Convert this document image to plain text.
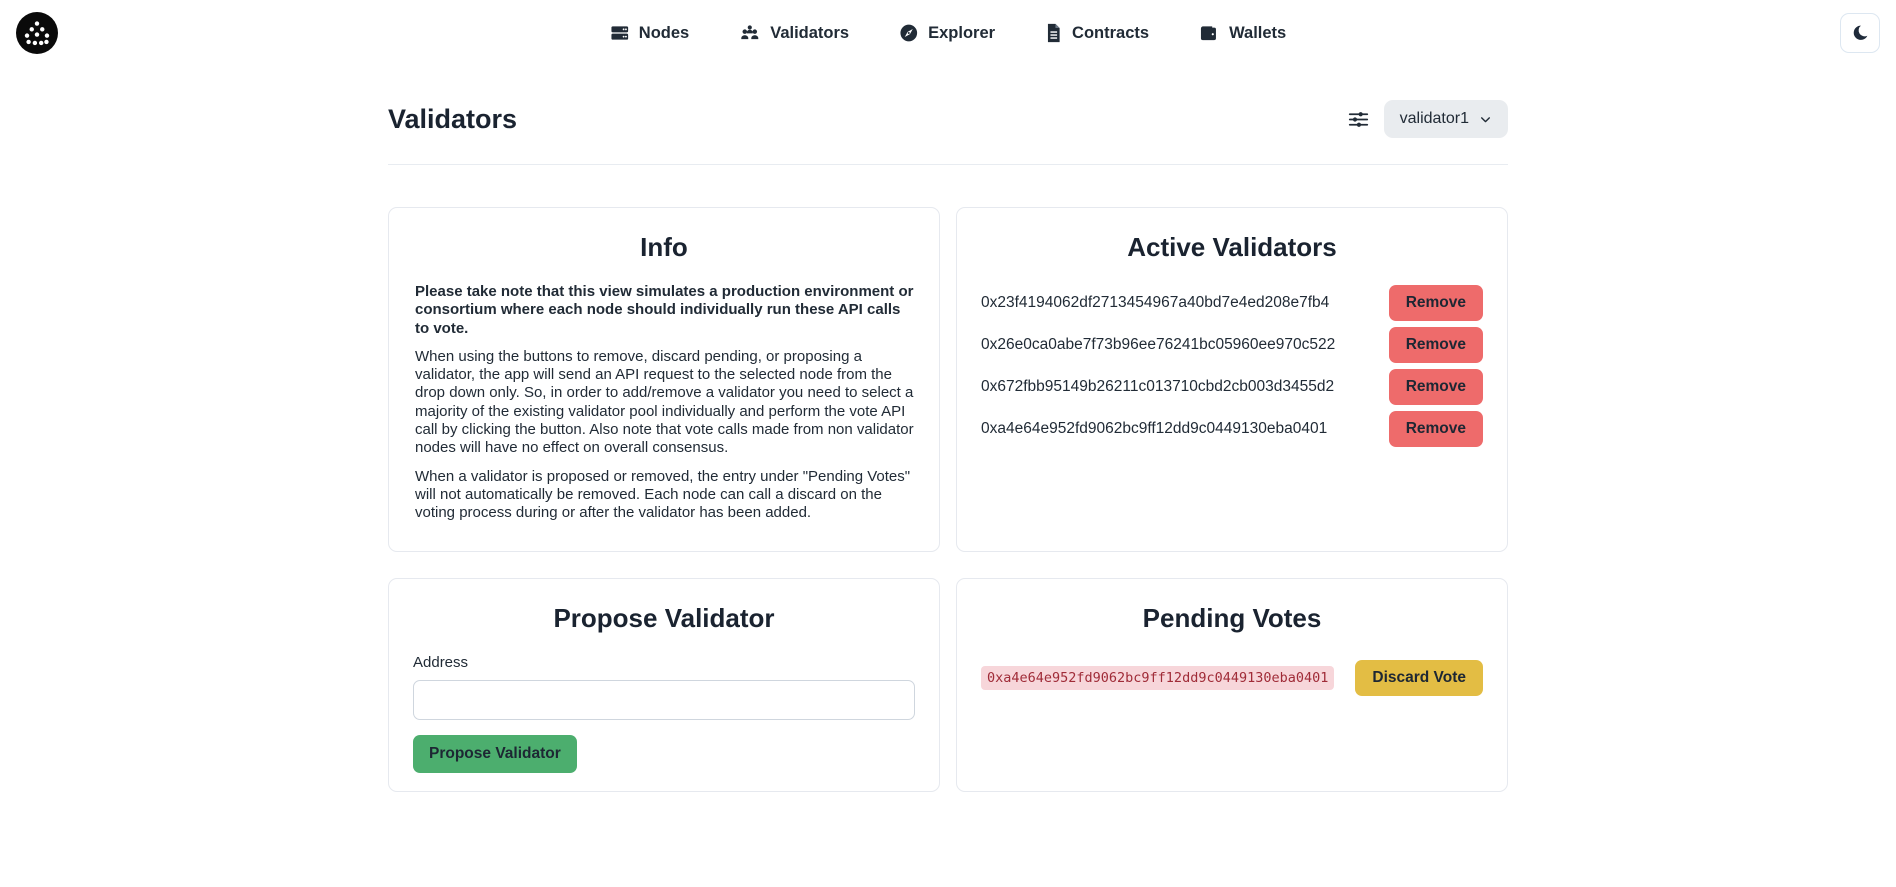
Nodes	Validators	Explorer	Contracts	Wallets
Validators	validator1
Info

Please take note that this view simulates a production environment or consortium where each node should individually run these API calls to vote.

When using the buttons to remove, discard pending, or proposing a validator, the app will send an API request to the selected node from the drop down only. So, in order to add/remove a validator you need to select a majority of the existing validator pool individually and perform the vote API call by clicking the button. Also note that vote calls made from non validator nodes will have no effect on overall consensus.

When a validator is proposed or removed, the entry under "Pending Votes" will not automatically be removed. Each node can call a discard on the voting process during or after the validator has been added.

Active Validators
0x23f4194062df2713454967a40bd7e4ed208e7fb4	Remove
0x26e0ca0abe7f73b96ee76241bc05960ee970c522	Remove
0x672fbb95149b26211c013710cbd2cb003d3455d2	Remove
0xa4e64e952fd9062bc9ff12dd9c0449130eba0401	Remove
Propose Validator
Address
Propose Validator
Pending Votes
0xa4e64e952fd9062bc9ff12dd9c0449130eba0401	Discard Vote
